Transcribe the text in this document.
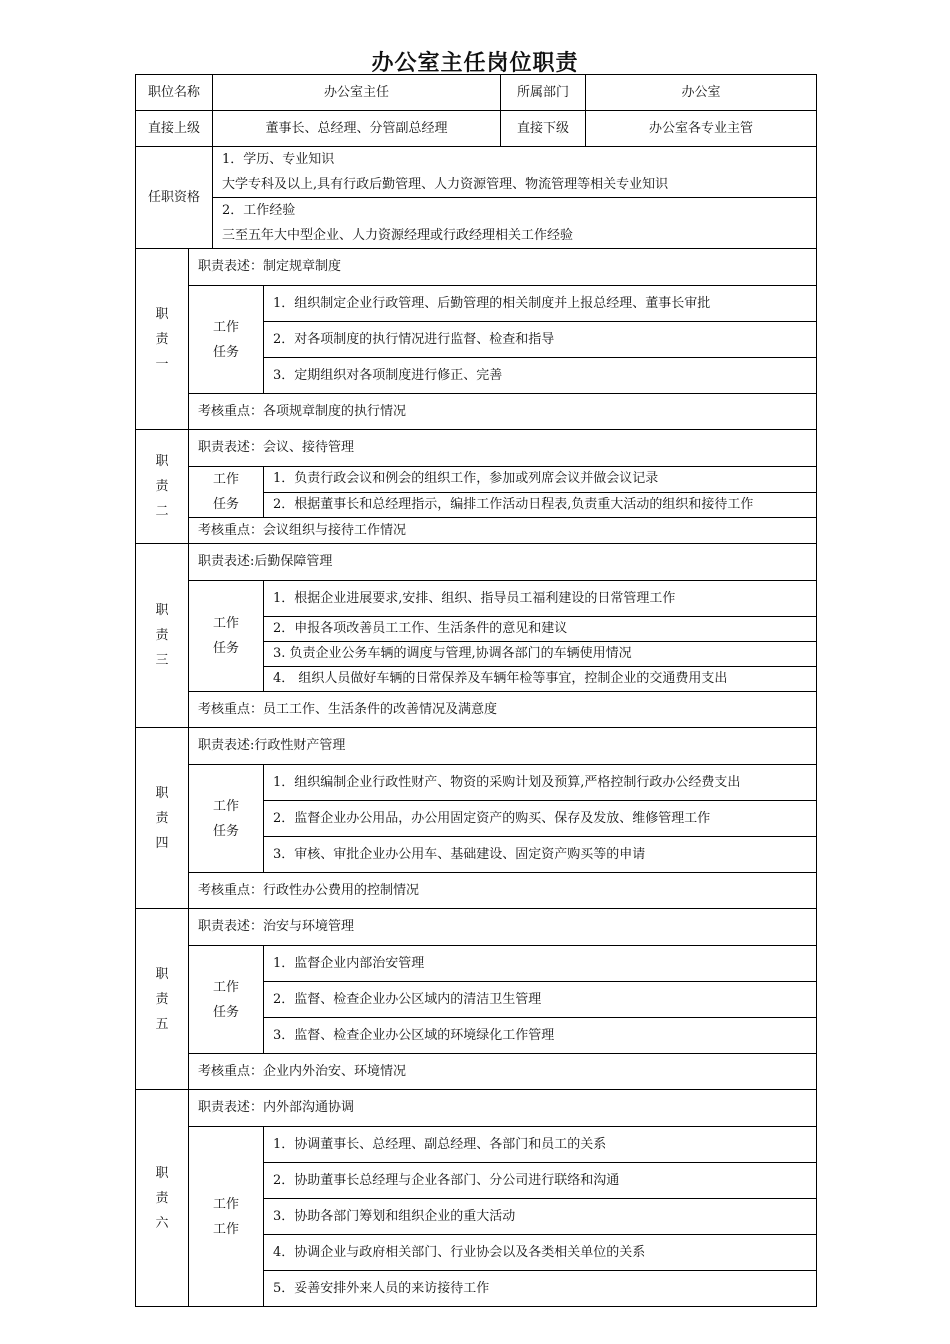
办公室主任岗位职责
职位名称		办公室主任		所属部门	办公室
直接上级		董事长、总经理、分管副总经理		直接下级	办公室各专业主管
任职资格		1．学历、专业知识
大学专科及以上,具有行政后勤管理、人力资源管理、物流管理等相关专业知识			

2．工作经验
三至五年大中型企业、人力资源经理或行政经理相关工作经验			

职
责
一	职责表述：制定规章制度				

	工作
任务		1．组织制定企业行政管理、后勤管理的相关制度并上报总经理、董事长审批		
			2．对各项制度的执行情况进行监督、检查和指导		
			3．定期组织对各项制度进行修正、完善		
	考核重点：各项规章制度的执行情况				

职
责
二	职责表述：会议、接待管理				

	工作
任务		1．负责行政会议和例会的组织工作，参加或列席会议并做会议记录		
			2．根据董事长和总经理指示，编排工作活动日程表,负责重大活动的组织和接待工作		
	考核重点：会议组织与接待工作情况				

职
责
三	职责表述:后勤保障管理				

	工作
任务		1．根据企业进展要求,安排、组织、指导员工福利建设的日常管理工作		
			2．申报各项改善员工工作、生活条件的意见和建议		
			3. 负责企业公务车辆的调度与管理,协调各部门的车辆使用情况		
			4． 组织人员做好车辆的日常保养及车辆年检等事宜，控制企业的交通费用支出		
	考核重点：员工工作、生活条件的改善情况及满意度				

职
责
四	职责表述:行政性财产管理				

	工作
任务		1．组织编制企业行政性财产、物资的采购计划及预算,严格控制行政办公经费支出		
			2．监督企业办公用品，办公用固定资产的购买、保存及发放、维修管理工作		
			3．审核、审批企业办公用车、基础建设、固定资产购买等的申请		
	考核重点：行政性办公费用的控制情况				

职
责
五	职责表述：治安与环境管理				

	工作
任务		1．监督企业内部治安管理		
			2．监督、检查企业办公区域内的清洁卫生管理		
			3．监督、检查企业办公区域的环境绿化工作管理		
	考核重点：企业内外治安、环境情况				

职
责
六	职责表述：内外部沟通协调				

	工作
工作		1．协调董事长、总经理、副总经理、各部门和员工的关系		
			2．协助董事长总经理与企业各部门、分公司进行联络和沟通		
			3．协助各部门筹划和组织企业的重大活动		
			4．协调企业与政府相关部门、行业协会以及各类相关单位的关系		
			5．妥善安排外来人员的来访接待工作		
